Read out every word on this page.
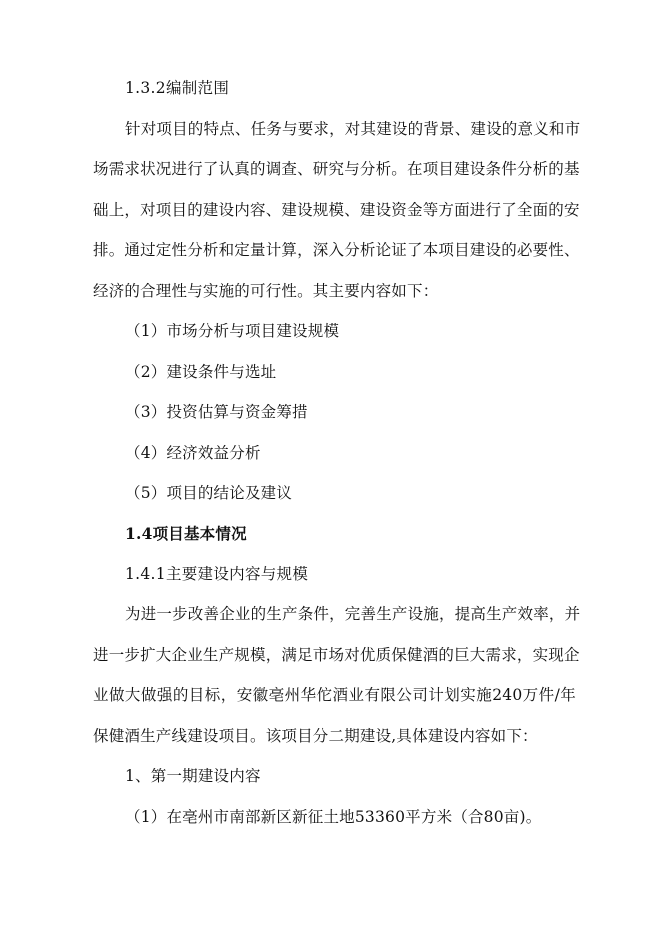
1.3.2编制范围
针对项目的特点、任务与要求，对其建设的背景、建设的意义和市
场需求状况进行了认真的调查、研究与分析。在项目建设条件分析的基
础上，对项目的建设内容、建设规模、建设资金等方面进行了全面的安
排。通过定性分析和定量计算，深入分析论证了本项目建设的必要性、
经济的合理性与实施的可行性。其主要内容如下：
（1）市场分析与项目建设规模
（2）建设条件与选址
（3）投资估算与资金筹措
（4）经济效益分析
（5）项目的结论及建议
1.4项目基本情况
1.4.1主要建设内容与规模
为进一步改善企业的生产条件，完善生产设施，提高生产效率，并
进一步扩大企业生产规模，满足市场对优质保健酒的巨大需求，实现企
业做大做强的目标，安徽亳州华佗酒业有限公司计划实施240万件/年
保健酒生产线建设项目。该项目分二期建设,具体建设内容如下：
1、第一期建设内容
（1）在亳州市南部新区新征土地53360平方米（合80亩)。
